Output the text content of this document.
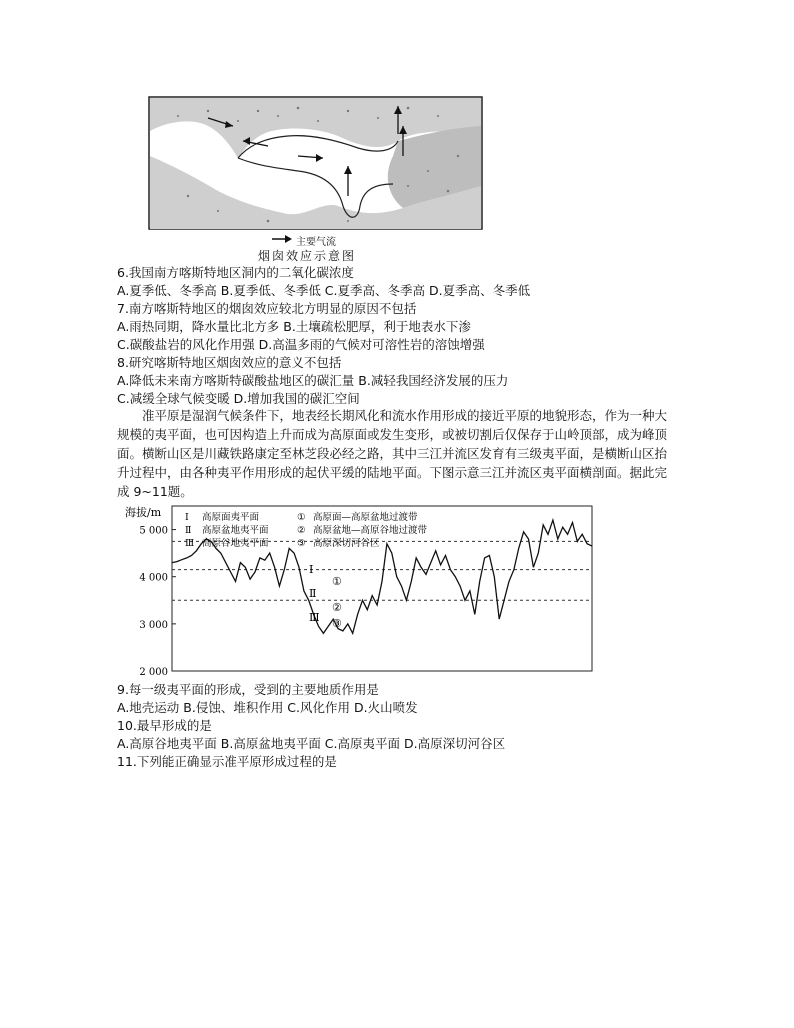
主要气流
烟囱效应示意图
6.我国南方喀斯特地区洞内的二氧化碳浓度
A.夏季低、冬季高 B.夏季低、冬季低 C.夏季高、冬季高 D.夏季高、冬季低
7.南方喀斯特地区的烟囱效应较北方明显的原因不包括
A.雨热同期，降水量比北方多 B.土壤疏松肥厚，利于地表水下渗
C.碳酸盐岩的风化作用强 D.高温多雨的气候对可溶性岩的溶蚀增强
8.研究喀斯特地区烟囱效应的意义不包括
A.降低未来南方喀斯特碳酸盐地区的碳汇量 B.减轻我国经济发展的压力
C.减缓全球气候变暖 D.增加我国的碳汇空间
准平原是湿润气候条件下，地表经长期风化和流水作用形成的接近平原的地貌形态，作为一种大规模的夷平面，也可因构造上升而成为高原面或发生变形，或被切割后仅保存于山岭顶部，成为峰顶面。横断山区是川藏铁路康定至林芝段必经之路，其中三江并流区发育有三级夷平面，是横断山区抬升过程中，由各种夷平作用形成的起伏平缓的陆地平面。下图示意三江并流区夷平面横剖面。据此完成 9~11题。
海拔/m
5 000
4 000
3 000
2 000
Ⅰ 高原面夷平面
Ⅱ 高原盆地夷平面
Ⅲ 高原谷地夷平面
① 高原面—高原盆地过渡带
② 高原盆地—高原谷地过渡带
③ 高原深切河谷区
Ⅰ
Ⅱ
Ⅲ
①
②
③
9.每一级夷平面的形成，受到的主要地质作用是
A.地壳运动 B.侵蚀、堆积作用 C.风化作用 D.火山喷发
10.最早形成的是
A.高原谷地夷平面 B.高原盆地夷平面 C.高原夷平面 D.高原深切河谷区
11.下列能正确显示准平原形成过程的是
